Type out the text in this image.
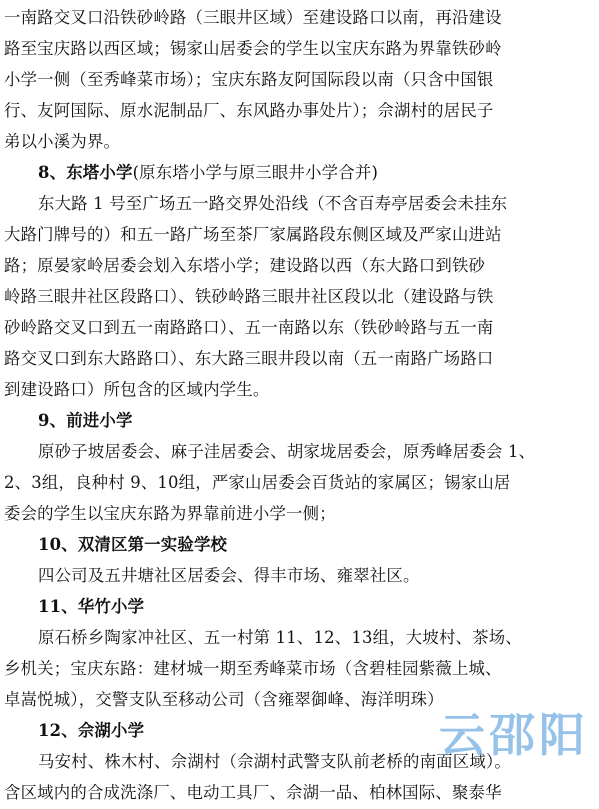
一南路交叉口沿铁砂岭路（三眼井区域）至建设路口以南，再沿建设
路至宝庆路以西区域；锡家山居委会的学生以宝庆东路为界靠铁砂岭
小学一侧（至秀峰菜市场）；宝庆东路友阿国际段以南（只含中国银
行、友阿国际、原水泥制品厂、东风路办事处片）；佘湖村的居民子
弟以小溪为界。
8、东塔小学(原东塔小学与原三眼井小学合并)
东大路 1 号至广场五一路交界处沿线（不含百寿亭居委会未挂东
大路门牌号的）和五一路广场至茶厂家属路段东侧区域及严家山进站
路；原晏家岭居委会划入东塔小学；建设路以西（东大路口到铁砂
岭路三眼井社区段路口）、铁砂岭路三眼井社区段以北（建设路与铁
砂岭路交叉口到五一南路路口）、五一南路以东（铁砂岭路与五一南
路交叉口到东大路路口）、东大路三眼井段以南（五一南路广场路口
到建设路口）所包含的区域内学生。
9、前进小学
原砂子坡居委会、麻子洼居委会、胡家垅居委会，原秀峰居委会 1、
2、3组，良种村 9、10组，严家山居委会百货站的家属区；锡家山居
委会的学生以宝庆东路为界靠前进小学一侧；
10、双清区第一实验学校
四公司及五井塘社区居委会、得丰市场、雍翠社区。
11、华竹小学
原石桥乡陶家冲社区、五一村第 11、12、13组，大坡村、茶场、
乡机关；宝庆东路：建材城一期至秀峰菜市场（含碧桂园紫薇上城、
卓嵩悦城），交警支队至移动公司（含雍翠御峰、海洋明珠）
12、佘湖小学
马安村、株木村、佘湖村（佘湖村武警支队前老桥的南面区域）。
含区域内的合成洗涤厂、电动工具厂、佘湖一品、柏林国际、聚泰华
云邵阳
